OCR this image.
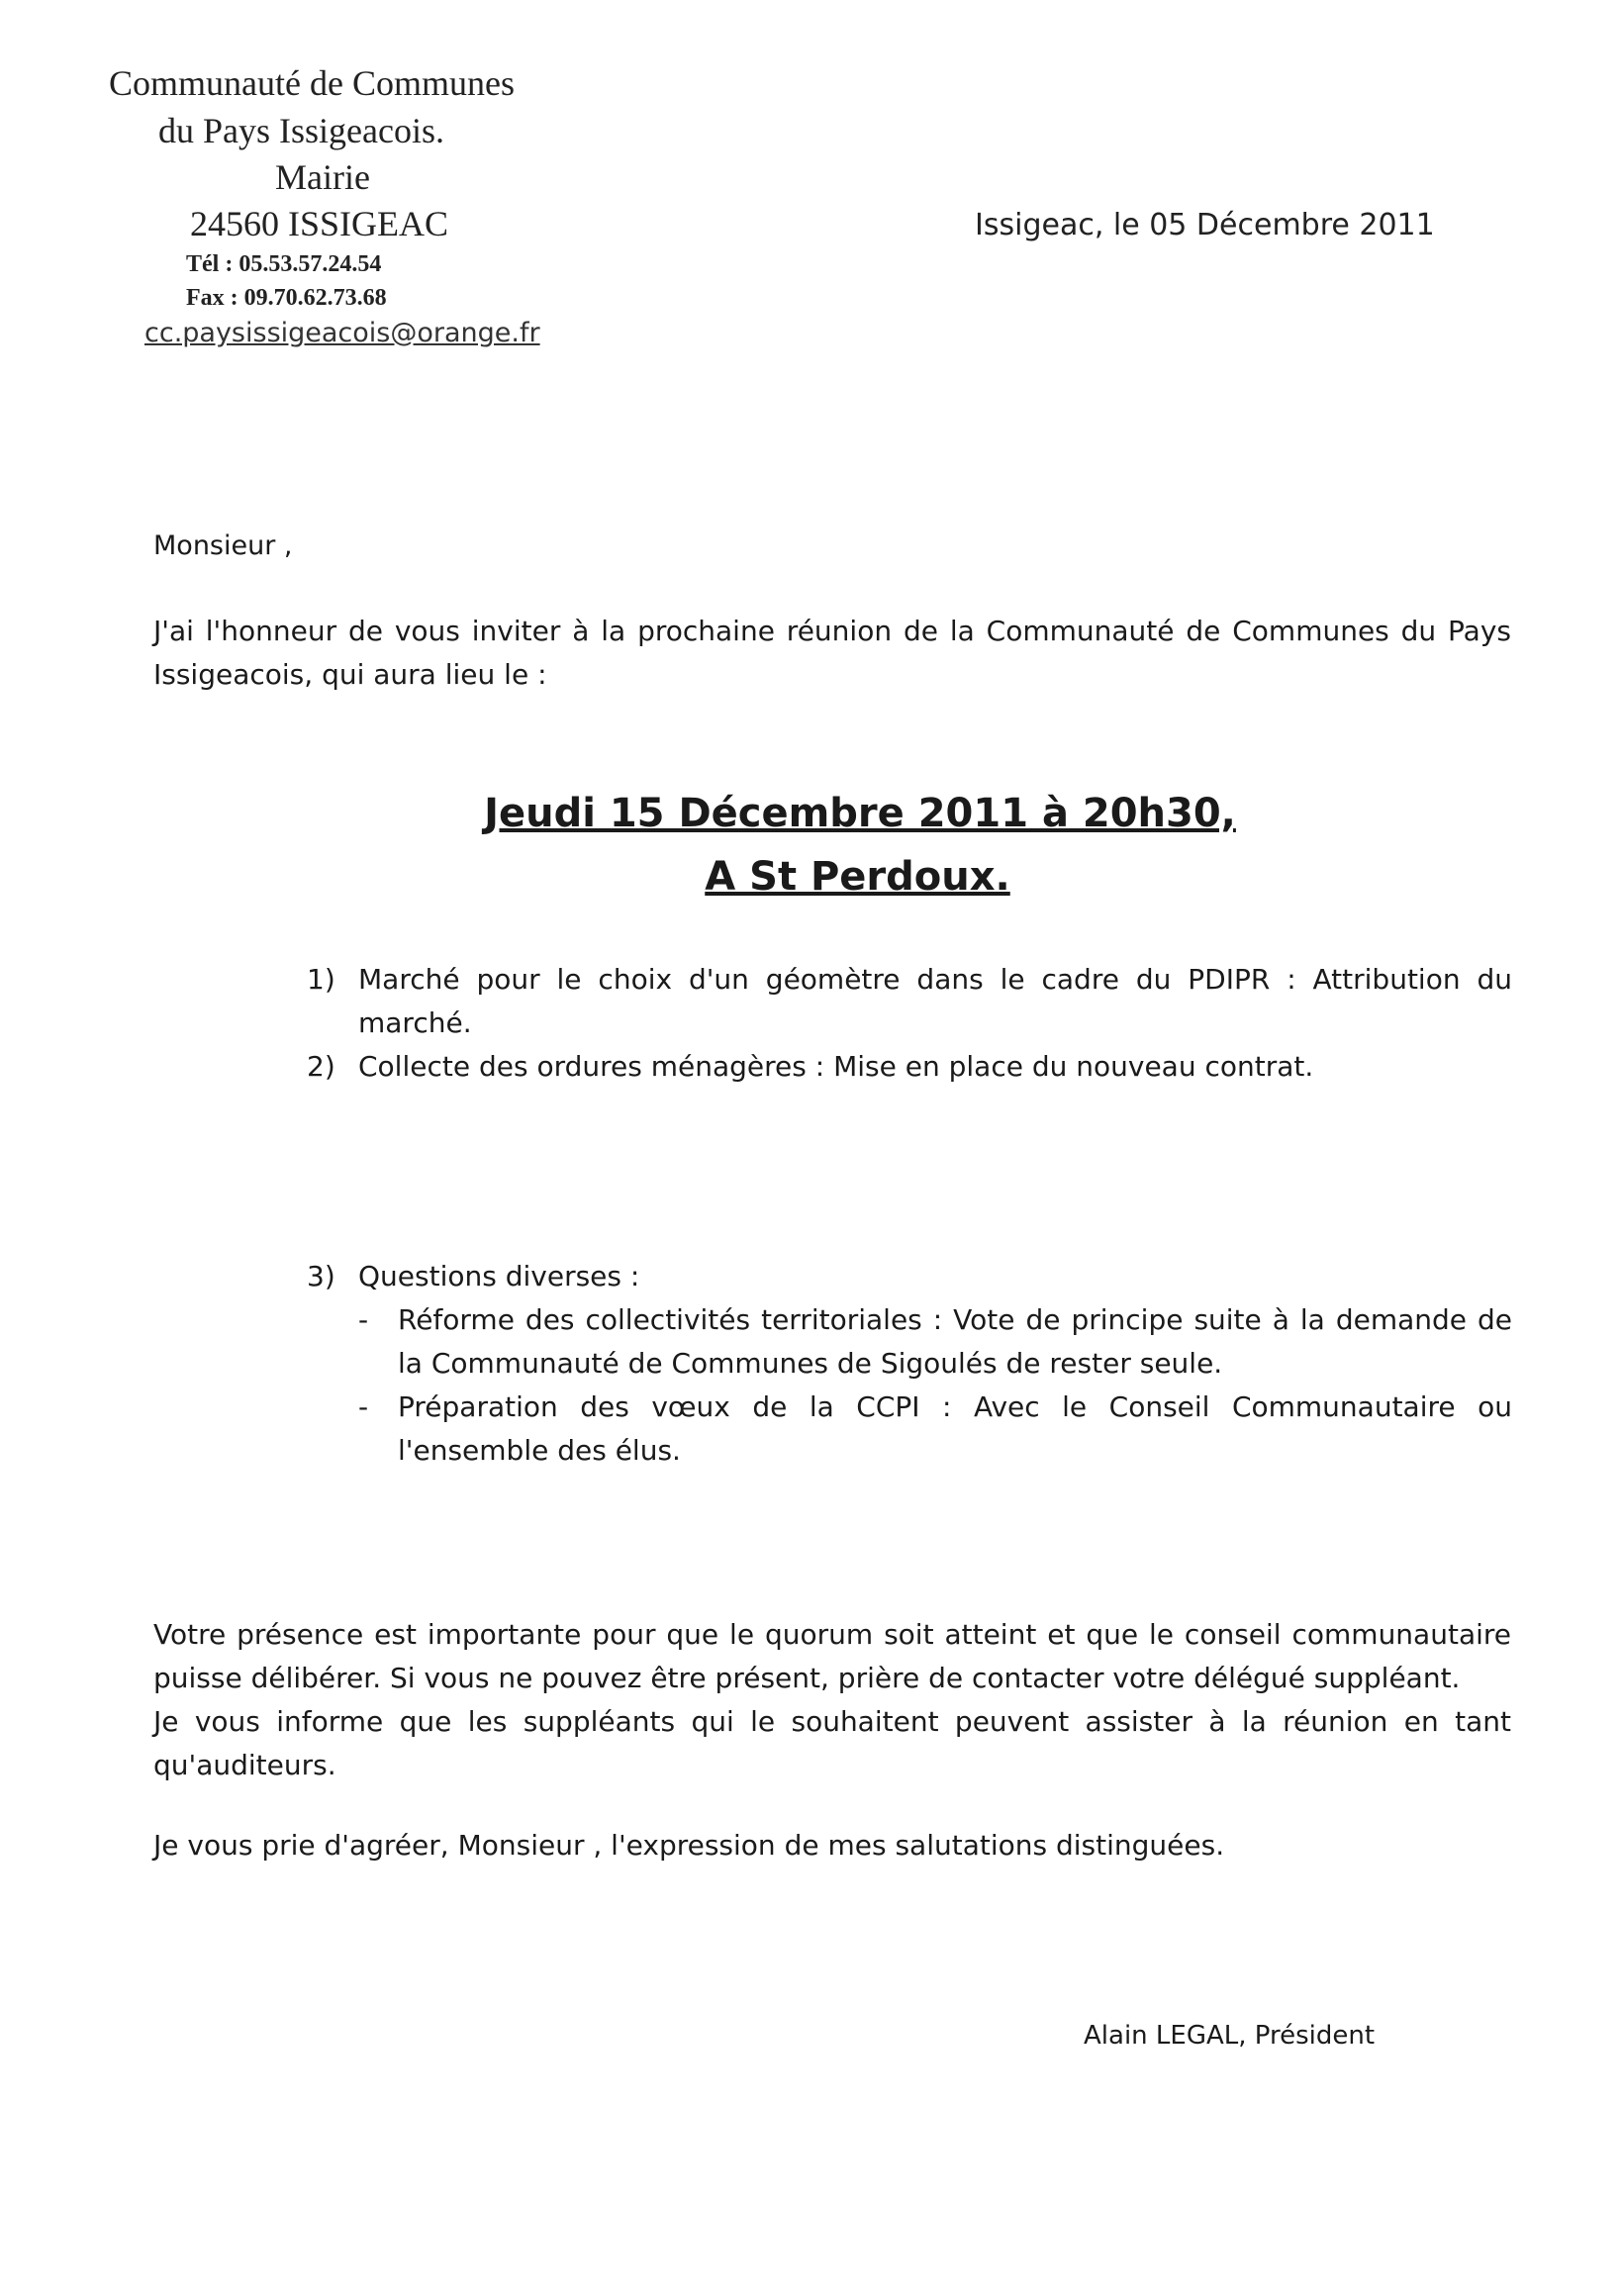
Communauté de Communes
du Pays Issigeacois.
Mairie
24560 ISSIGEAC
Tél : 05.53.57.24.54
Fax : 09.70.62.73.68
cc.paysissigeacois@orange.fr
Issigeac, le 05 Décembre 2011
Monsieur ,
J'ai l'honneur de vous inviter à la prochaine réunion de la Communauté de Communes du Pays Issigeacois, qui aura lieu le :
Jeudi 15 Décembre 2011 à 20h30,
A St Perdoux.
1) Marché pour le choix d'un géomètre dans le cadre du PDIPR : Attribution du marché.
2) Collecte des ordures ménagères : Mise en place du nouveau contrat.
3) Questions diverses :
- Réforme des collectivités territoriales : Vote de principe suite à la demande de la Communauté de Communes de Sigoulés de rester seule.
- Préparation des vœux de la CCPI : Avec le Conseil Communautaire ou l'ensemble des élus.

Votre présence est importante pour que le quorum soit atteint et que le conseil communautaire puisse délibérer. Si vous ne pouvez être présent, prière de contacter votre délégué suppléant.

Je vous informe que les suppléants qui le souhaitent peuvent assister à la réunion en tant qu'auditeurs.

Je vous prie d'agréer, Monsieur , l'expression de mes salutations distinguées.
Alain LEGAL, Président
